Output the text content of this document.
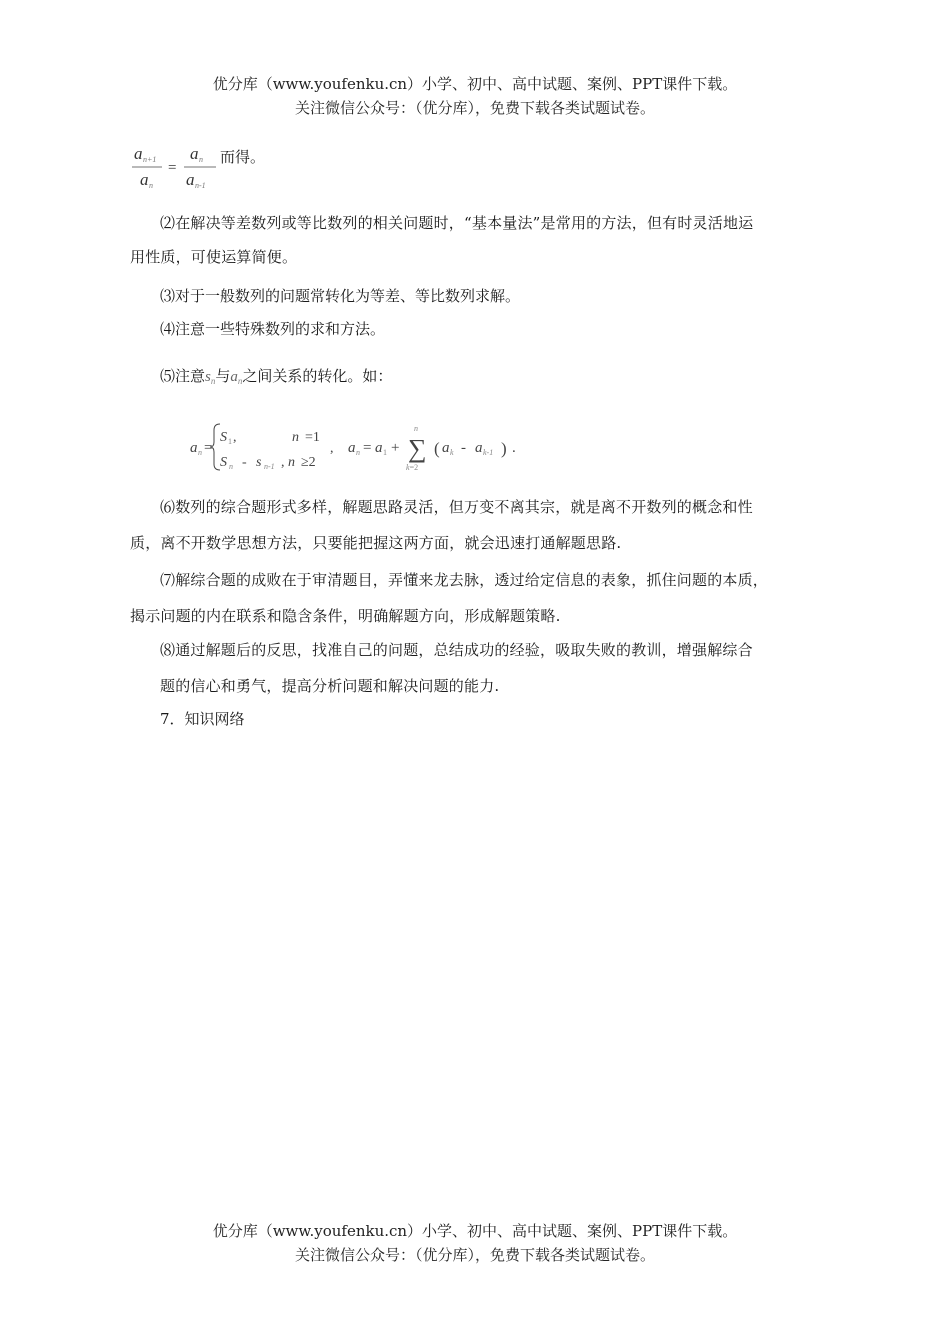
优分库（www.youfenku.cn）小学、初中、高中试题、案例、PPT课件下载。
关注微信公众号：（优分库），免费下载各类试题试卷。
a n+1
a n
=
a n
a n-1
而得。
⑵在解决等差数列或等比数列的相关问题时，“基本量法”是常用的方法，但有时灵活地运
用性质，可使运算简便。
⑶对于一般数列的问题常转化为等差、等比数列求解。
⑷注意一些特殊数列的求和方法。
⑸注意$s_n$与$a_n$之间关系的转化。如：
a n =
S 1 ,	n =1
S n - s n-1 , n ≥2
, a n = a 1 +
n
∑
k=2
( a k - a k-1 ) .
⑹数列的综合题形式多样，解题思路灵活，但万变不离其宗，就是离不开数列的概念和性
质，离不开数学思想方法，只要能把握这两方面，就会迅速打通解题思路.
⑺解综合题的成败在于审清题目，弄懂来龙去脉，透过给定信息的表象，抓住问题的本质，
揭示问题的内在联系和隐含条件，明确解题方向，形成解题策略.
⑻通过解题后的反思，找准自己的问题，总结成功的经验，吸取失败的教训，增强解综合
题的信心和勇气，提高分析问题和解决问题的能力.
7．知识网络
优分库（www.youfenku.cn）小学、初中、高中试题、案例、PPT课件下载。
关注微信公众号：（优分库），免费下载各类试题试卷。
